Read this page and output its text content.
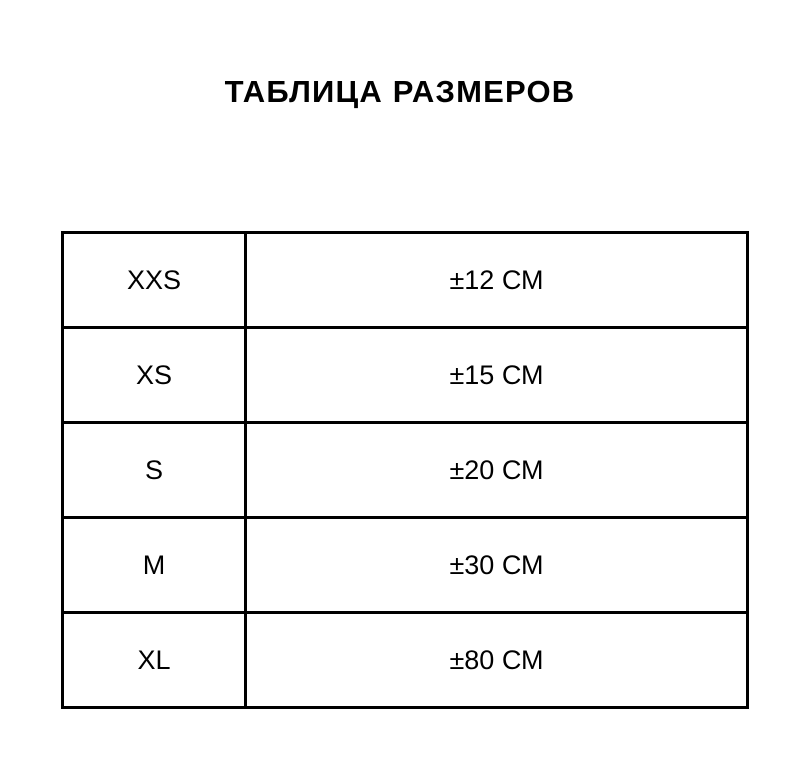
ТАБЛИЦА РАЗМЕРОВ
XXS	±12 СМ
XS	±15 СМ
S	±20 СМ
M	±30 СМ
XL	±80 СМ
